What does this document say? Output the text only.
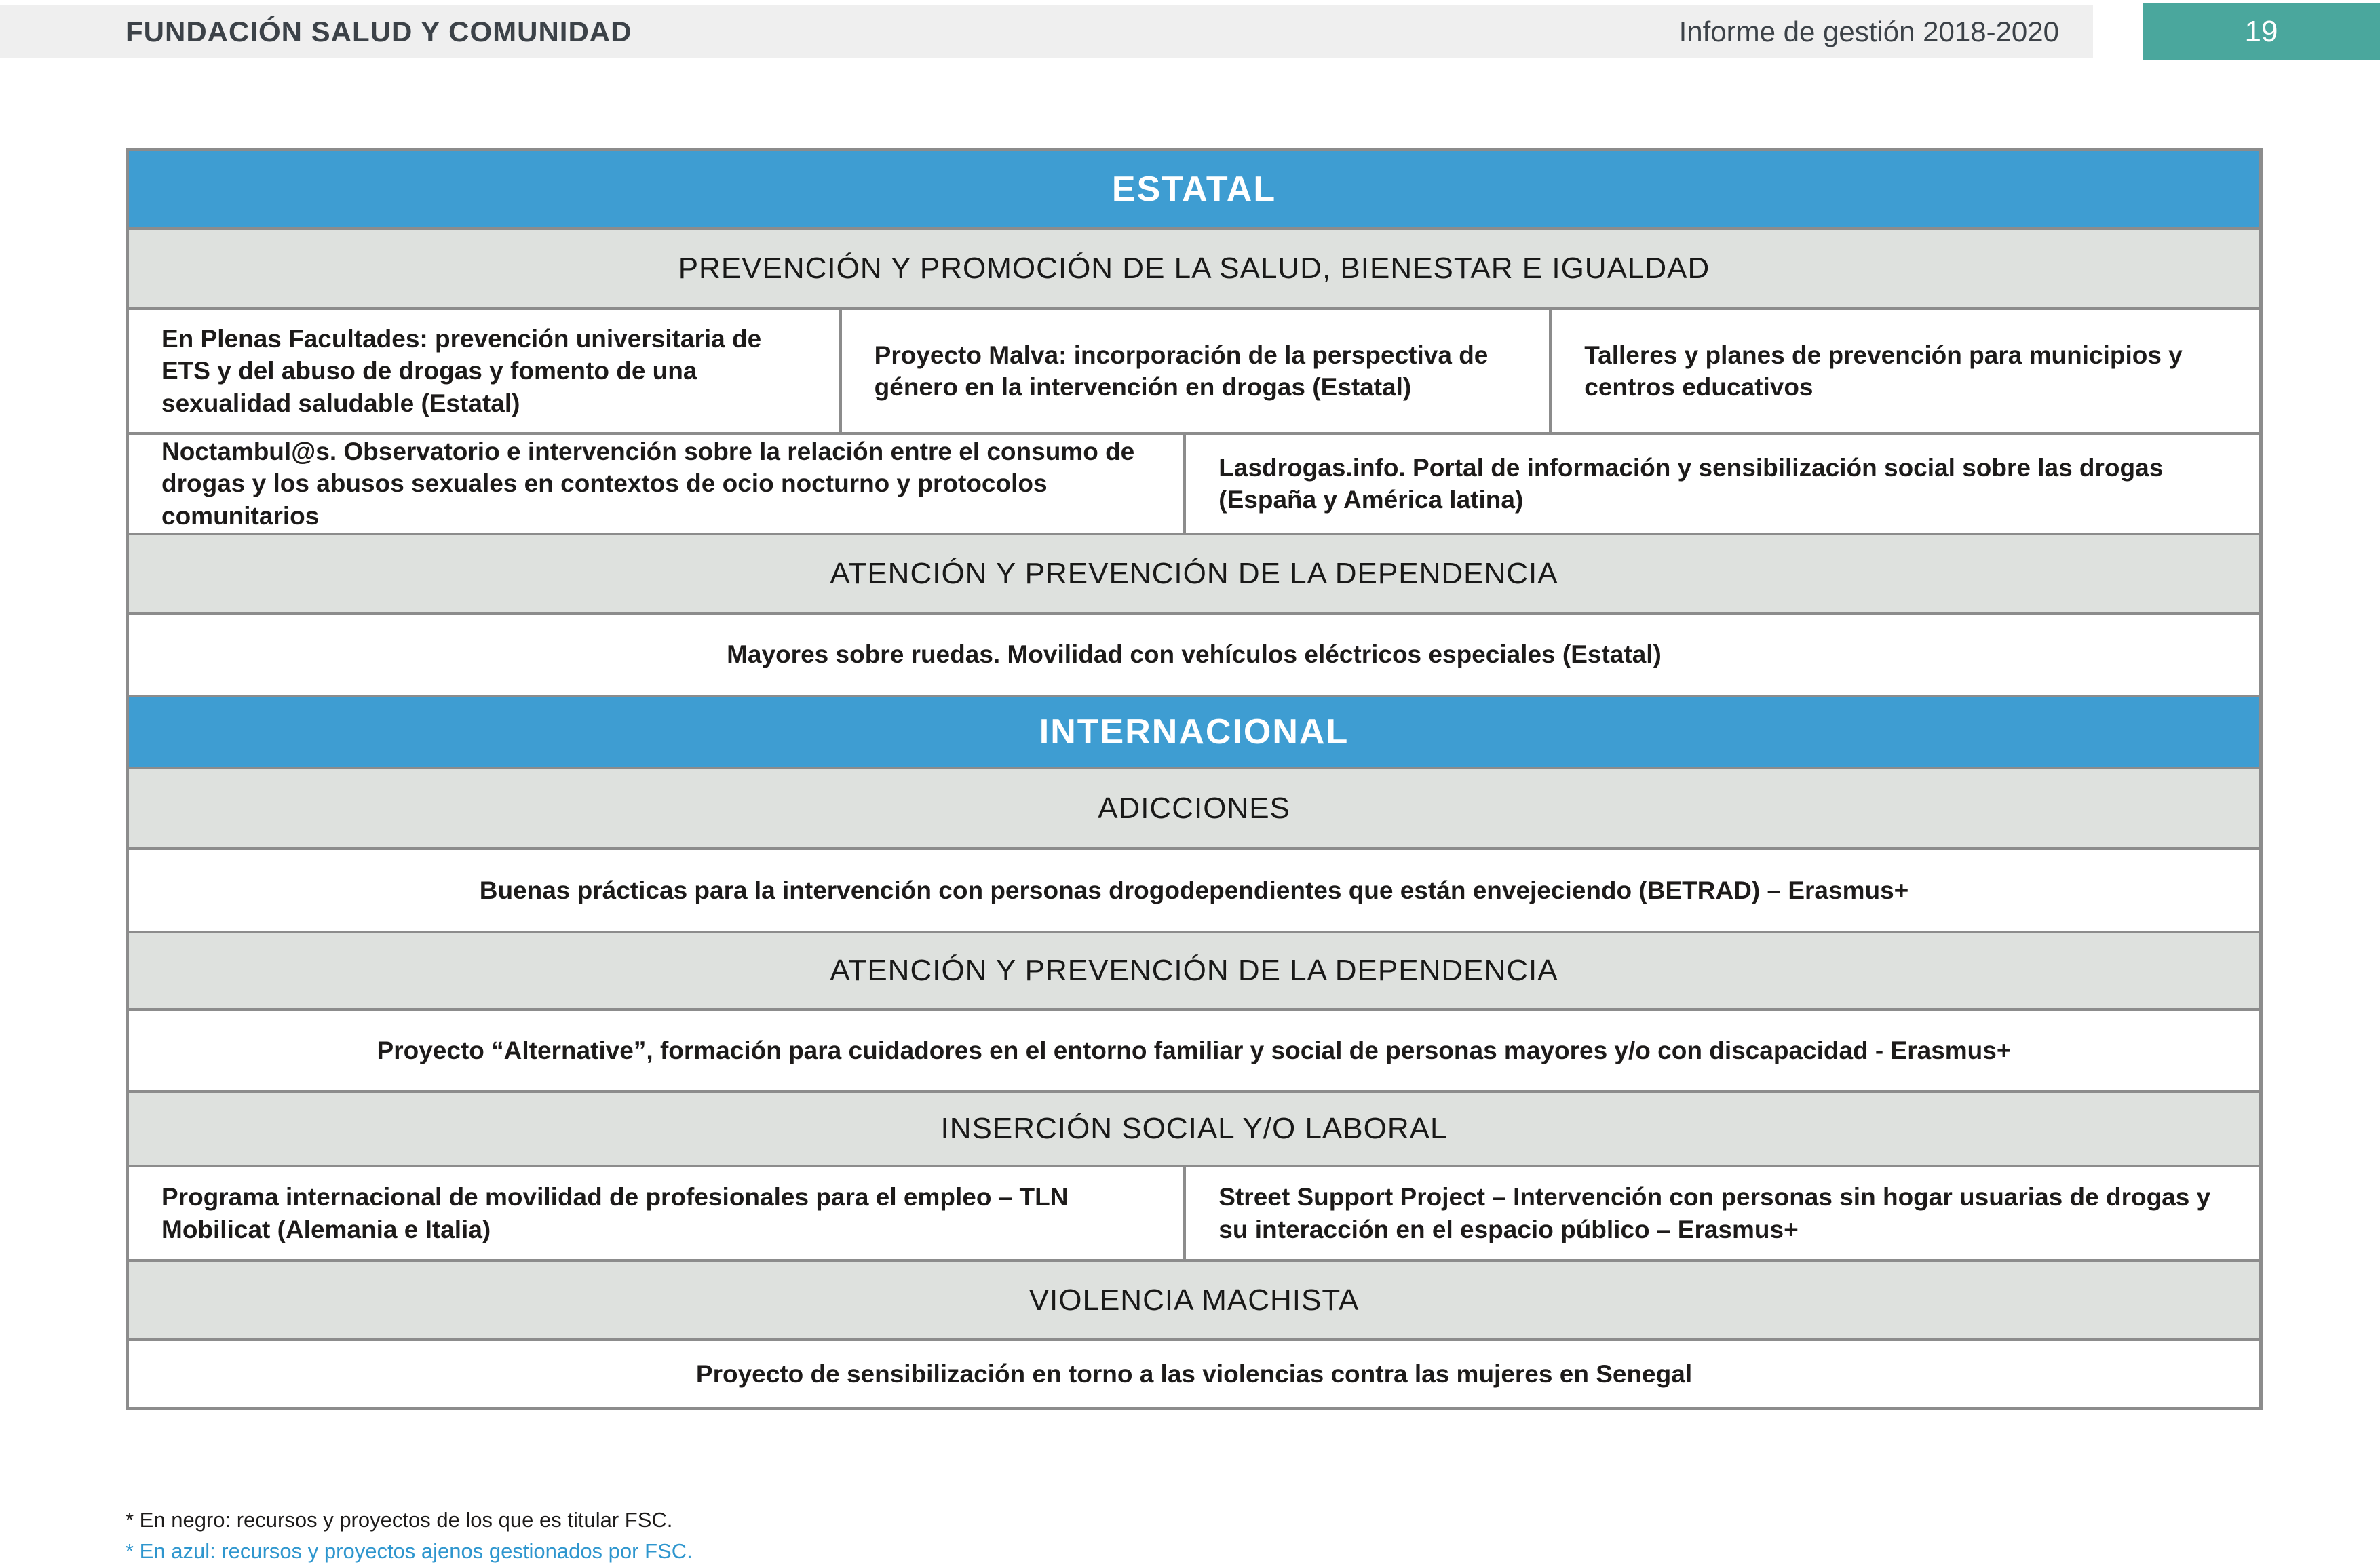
FUNDACIÓN SALUD Y COMUNIDAD	Informe de gestión 2018-2020	19
ESTATAL
PREVENCIÓN Y PROMOCIÓN DE LA SALUD, BIENESTAR E IGUALDAD
En Plenas Facultades: prevención universitaria de ETS y del abuso de drogas y fomento de una sexualidad saludable (Estatal)
Proyecto Malva: incorporación de la perspectiva de género en la intervención en drogas (Estatal)
Talleres y planes de prevención para municipios y centros educativos
Noctambul@s. Observatorio e intervención sobre la relación entre el consumo de drogas y los abusos sexuales en contextos de ocio nocturno y protocolos comunitarios
Lasdrogas.info. Portal de información y sensibilización social sobre las drogas (España y América latina)
ATENCIÓN Y PREVENCIÓN DE LA DEPENDENCIA
Mayores sobre ruedas. Movilidad con vehículos eléctricos especiales (Estatal)
INTERNACIONAL
ADICCIONES
Buenas prácticas para la intervención con personas drogodependientes que están envejeciendo (BETRAD) – Erasmus+
ATENCIÓN Y PREVENCIÓN DE LA DEPENDENCIA
Proyecto “Alternative”, formación para cuidadores en el entorno familiar y social de personas mayores y/o con discapacidad - Erasmus+
INSERCIÓN SOCIAL Y/O LABORAL
Programa internacional de movilidad de profesionales para el empleo – TLN Mobilicat (Alemania e Italia)
Street Support Project – Intervención con personas sin hogar usuarias de drogas y su interacción en el espacio público – Erasmus+
VIOLENCIA MACHISTA
Proyecto de sensibilización en torno a las violencias contra las mujeres en Senegal
* En negro: recursos y proyectos de los que es titular FSC.
* En azul: recursos y proyectos ajenos gestionados por FSC.
